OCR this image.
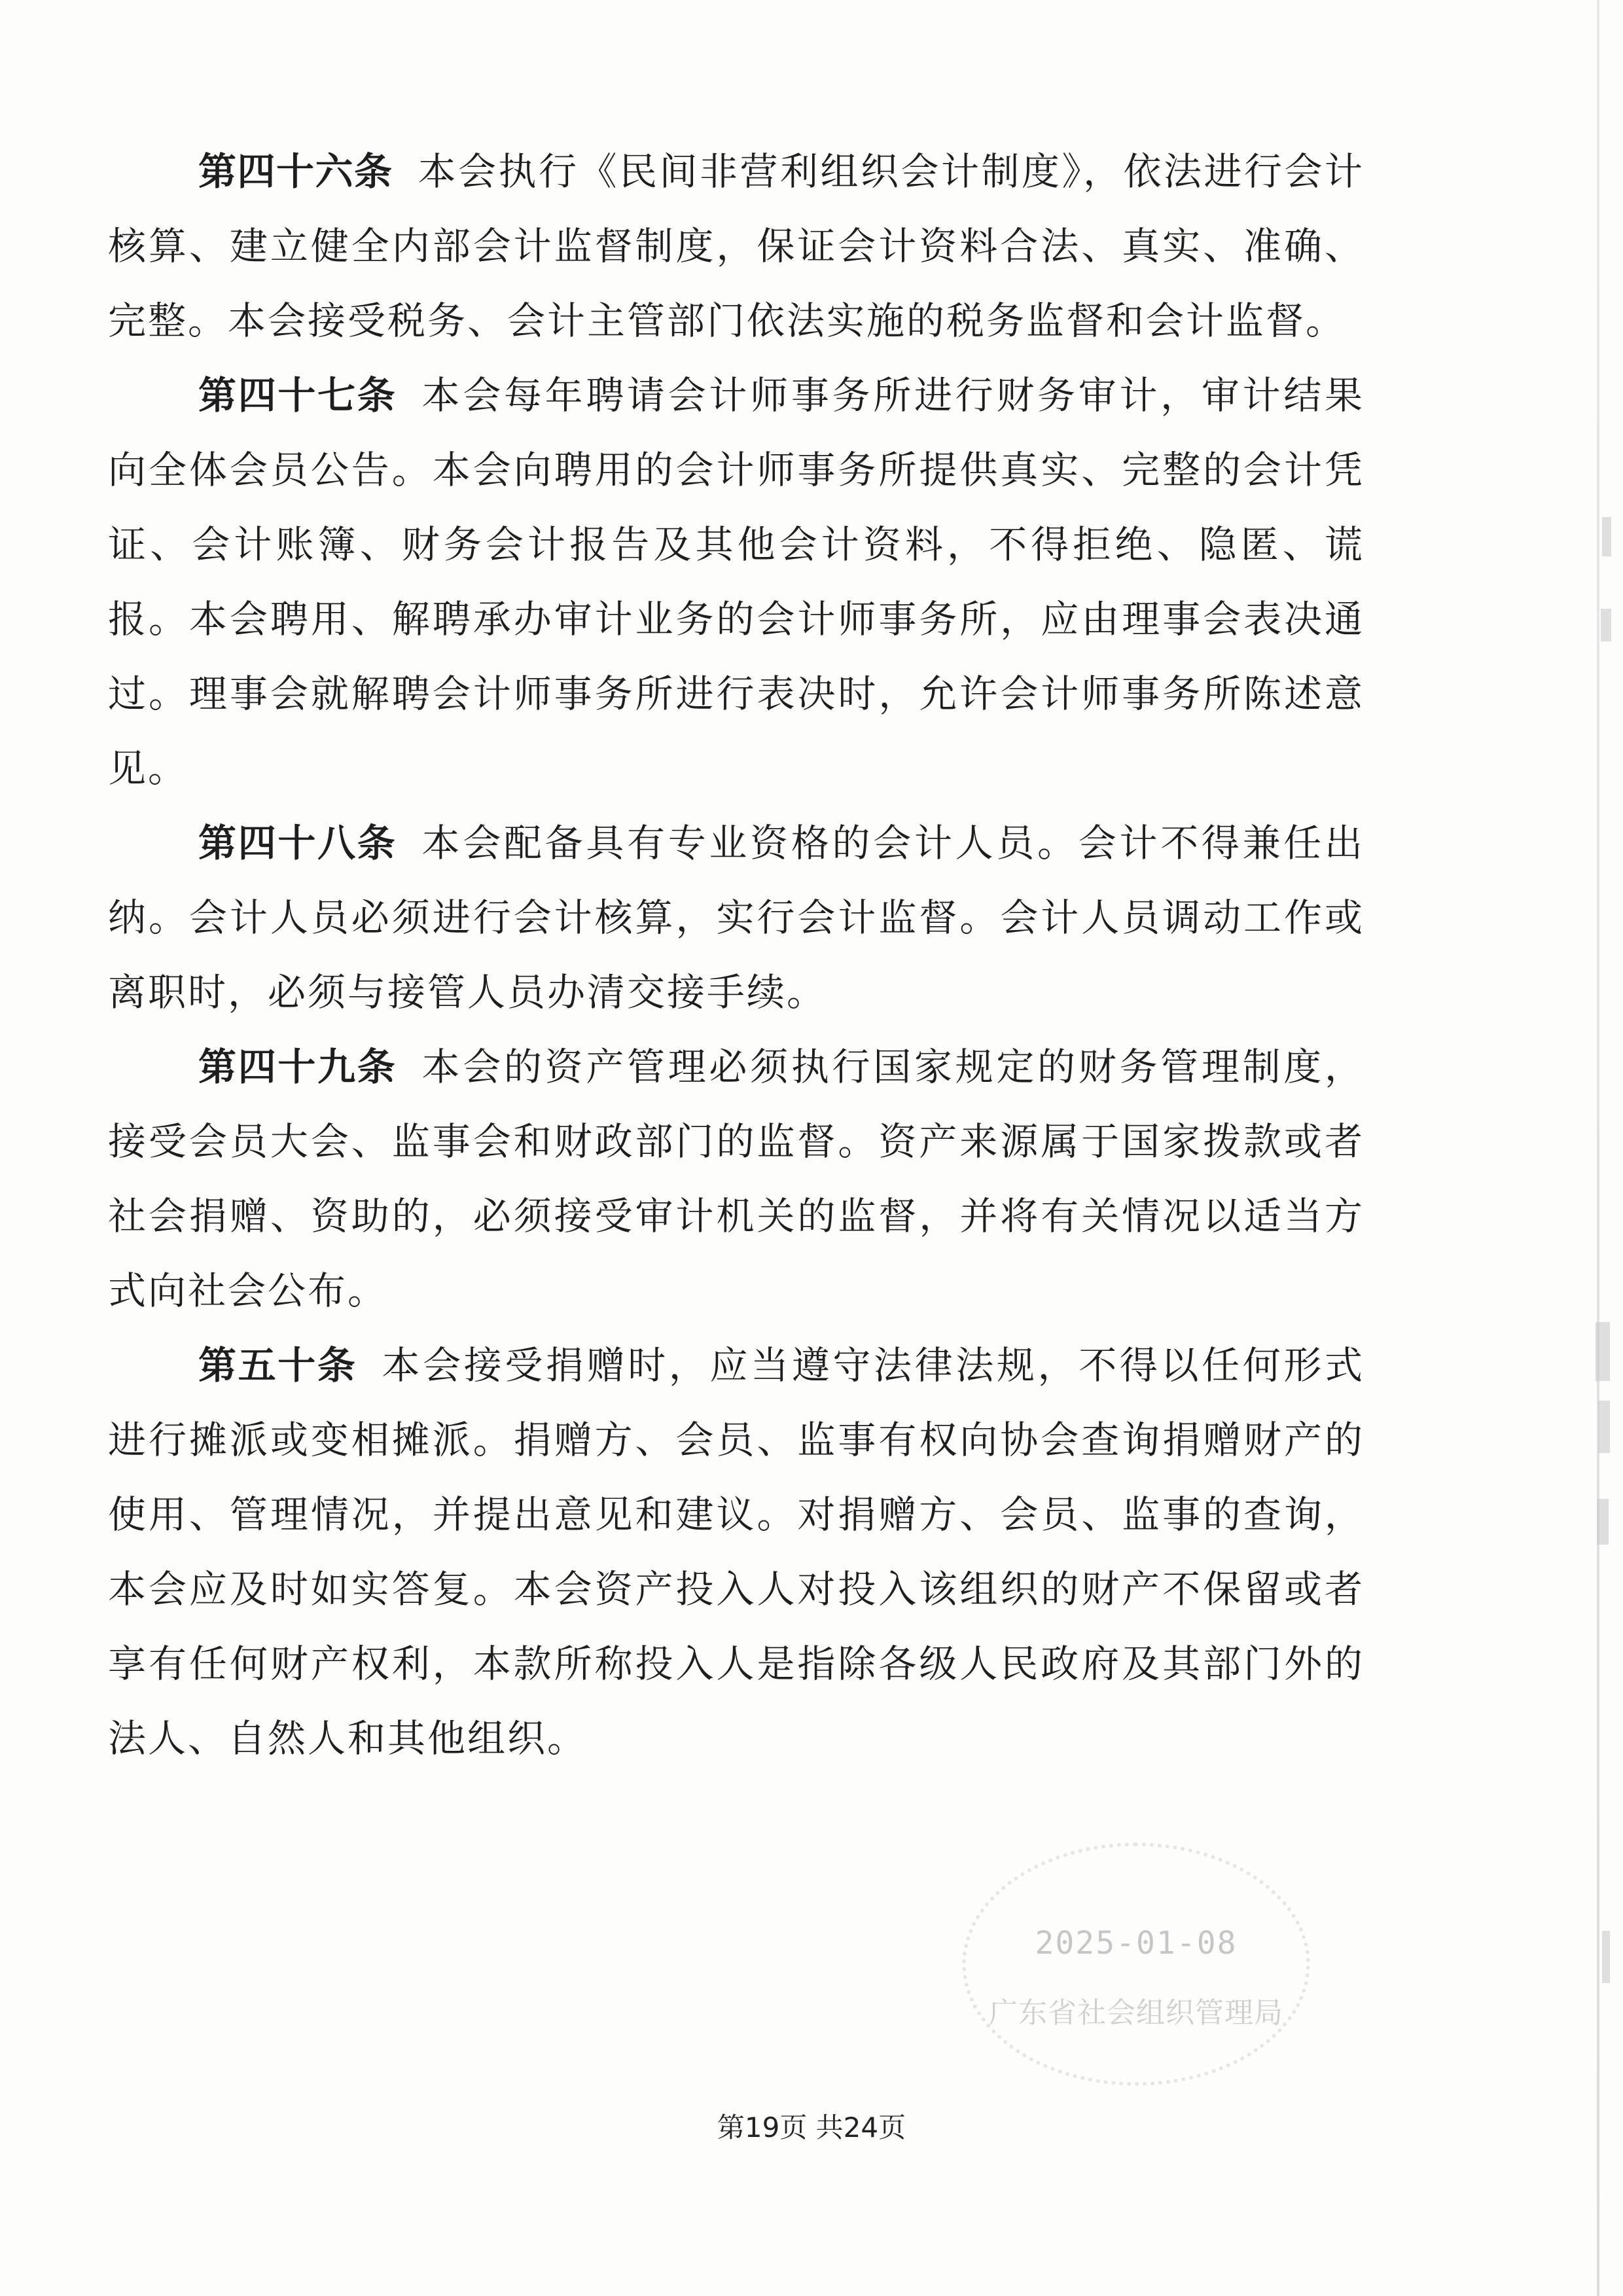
第四十六条 本会执行《民间非营利组织会计制度》，依法进行会计核算、建立健全内部会计监督制度，保证会计资料合法、真实、准确、完整。本会接受税务、会计主管部门依法实施的税务监督和会计监督。

第四十七条 本会每年聘请会计师事务所进行财务审计，审计结果向全体会员公告。本会向聘用的会计师事务所提供真实、完整的会计凭证、会计账簿、财务会计报告及其他会计资料，不得拒绝、隐匿、谎报。本会聘用、解聘承办审计业务的会计师事务所，应由理事会表决通过。理事会就解聘会计师事务所进行表决时，允许会计师事务所陈述意见。

第四十八条 本会配备具有专业资格的会计人员。会计不得兼任出纳。会计人员必须进行会计核算，实行会计监督。会计人员调动工作或离职时，必须与接管人员办清交接手续。

第四十九条 本会的资产管理必须执行国家规定的财务管理制度，接受会员大会、监事会和财政部门的监督。资产来源属于国家拨款或者社会捐赠、资助的，必须接受审计机关的监督，并将有关情况以适当方式向社会公布。

第五十条 本会接受捐赠时，应当遵守法律法规，不得以任何形式进行摊派或变相摊派。捐赠方、会员、监事有权向协会查询捐赠财产的使用、管理情况，并提出意见和建议。对捐赠方、会员、监事的查询，本会应及时如实答复。本会资产投入人对投入该组织的财产不保留或者享有任何财产权利，本款所称投入人是指除各级人民政府及其部门外的法人、自然人和其他组织。

2025-01-08
广东省社会组织管理局
第19页 共24页
